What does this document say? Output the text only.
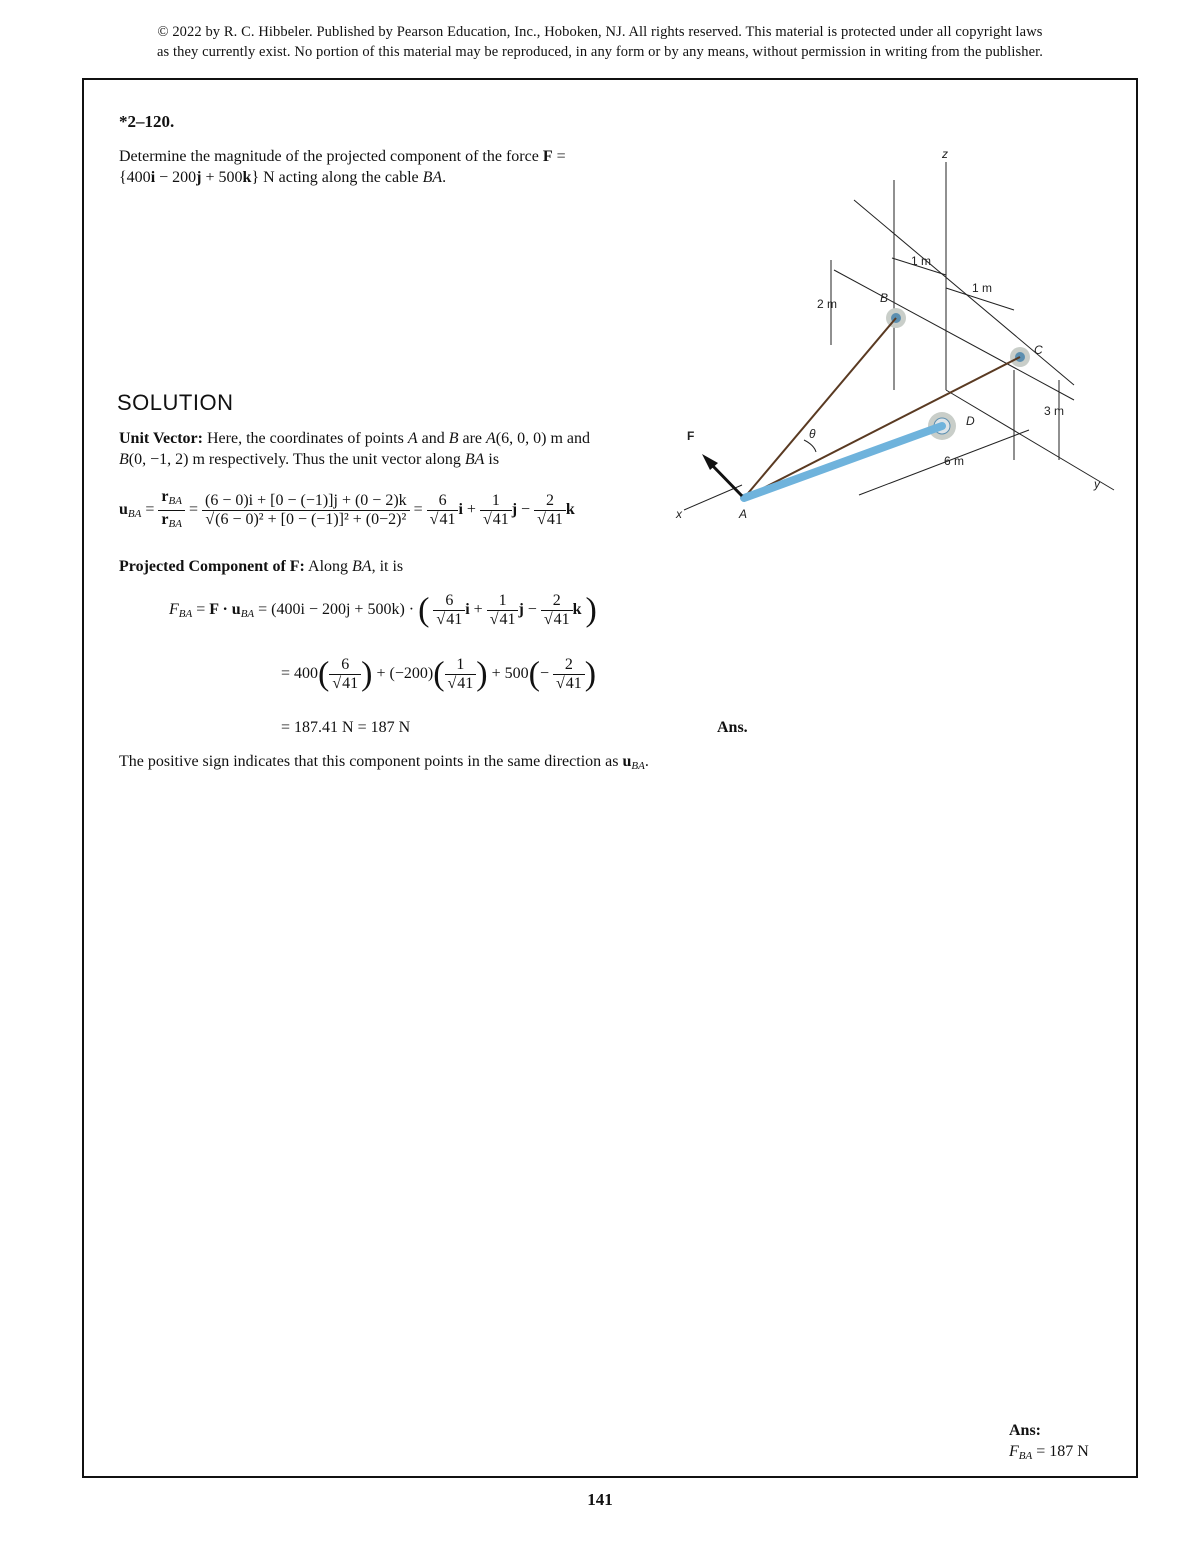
© 2022 by R. C. Hibbeler. Published by Pearson Education, Inc., Hoboken, NJ. All rights reserved. This material is protected under all copyright laws
as they currently exist. No portion of this material may be reproduced, in any form or by any means, without permission in writing from the publisher.
*2–120.
Determine the magnitude of the projected component of the force F = {400i − 200j + 500k} N acting along the cable BA.
z
y
6 m
3 m
2 m
1 m
1 m
x
F	θ
A
B
C
D
SOLUTION
Unit Vector: Here, the coordinates of points A and B are A(6, 0, 0) m and
B(0, −1, 2) m respectively. Thus the unit vector along BA is
$u_{BA} = \frac{r_{BA}}{r_{BA}} = \frac{(6 - 0)i + [0 - (-1)]j + (0 - 2)k}{\text{√(6 − 0)² + [0 − (−1)]² + (0−2)²}} = \frac{6}{√41}$ $i + \frac{1}{√41}$ $j - \frac{2}{√41}$ k
Projected Component of F: Along BA, it is
$F_{BA} = F \cdot u_{BA} = (400i - 200j + 500k)$ · ( $\frac{6}{√41}$ $i + \frac{1}{√41}$ $j - \frac{2}{√41}$ k )
= $400( \frac{6}{√41}$ ) + $(-200)( \frac{1}{√41}$ ) + $500(- \frac{2}{√41}$ )
= 187.41 N = 187 N	Ans.
The positive sign indicates that this component points in the same direction as $u_{BA}$.
Ans:
$F_{BA} = 187$ N
141
